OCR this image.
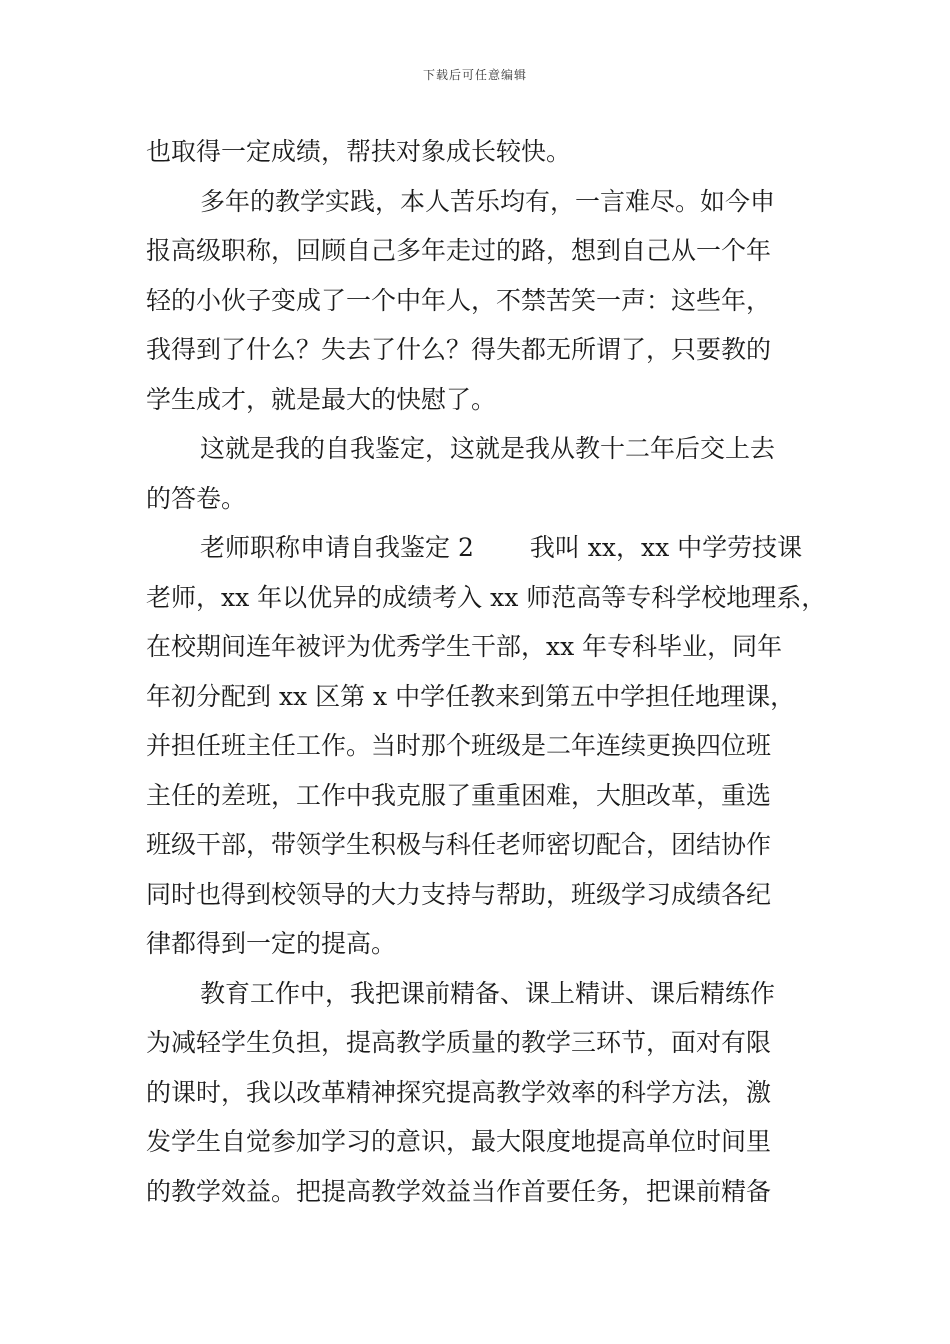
下载后可任意编辑
也取得一定成绩，帮扶对象成长较快。
多年的教学实践，本人苦乐均有，一言难尽。如今申
报高级职称，回顾自己多年走过的路，想到自己从一个年
轻的小伙子变成了一个中年人，不禁苦笑一声：这些年，
我得到了什么？失去了什么？得失都无所谓了，只要教的
学生成才，就是最大的快慰了。
这就是我的自我鉴定，这就是我从教十二年后交上去
的答卷。
老师职称申请自我鉴定 2 我叫 xx，xx 中学劳技课
老师，xx 年以优异的成绩考入 xx 师范高等专科学校地理系，
在校期间连年被评为优秀学生干部，xx 年专科毕业，同年
年初分配到 xx 区第 x 中学任教来到第五中学担任地理课，
并担任班主任工作。当时那个班级是二年连续更换四位班
主任的差班，工作中我克服了重重困难，大胆改革，重选
班级干部，带领学生积极与科任老师密切配合，团结协作
同时也得到校领导的大力支持与帮助，班级学习成绩各纪
律都得到一定的提高。
教育工作中，我把课前精备、课上精讲、课后精练作
为减轻学生负担，提高教学质量的教学三环节，面对有限
的课时，我以改革精神探究提高教学效率的科学方法，激
发学生自觉参加学习的意识，最大限度地提高单位时间里
的教学效益。把提高教学效益当作首要任务，把课前精备
